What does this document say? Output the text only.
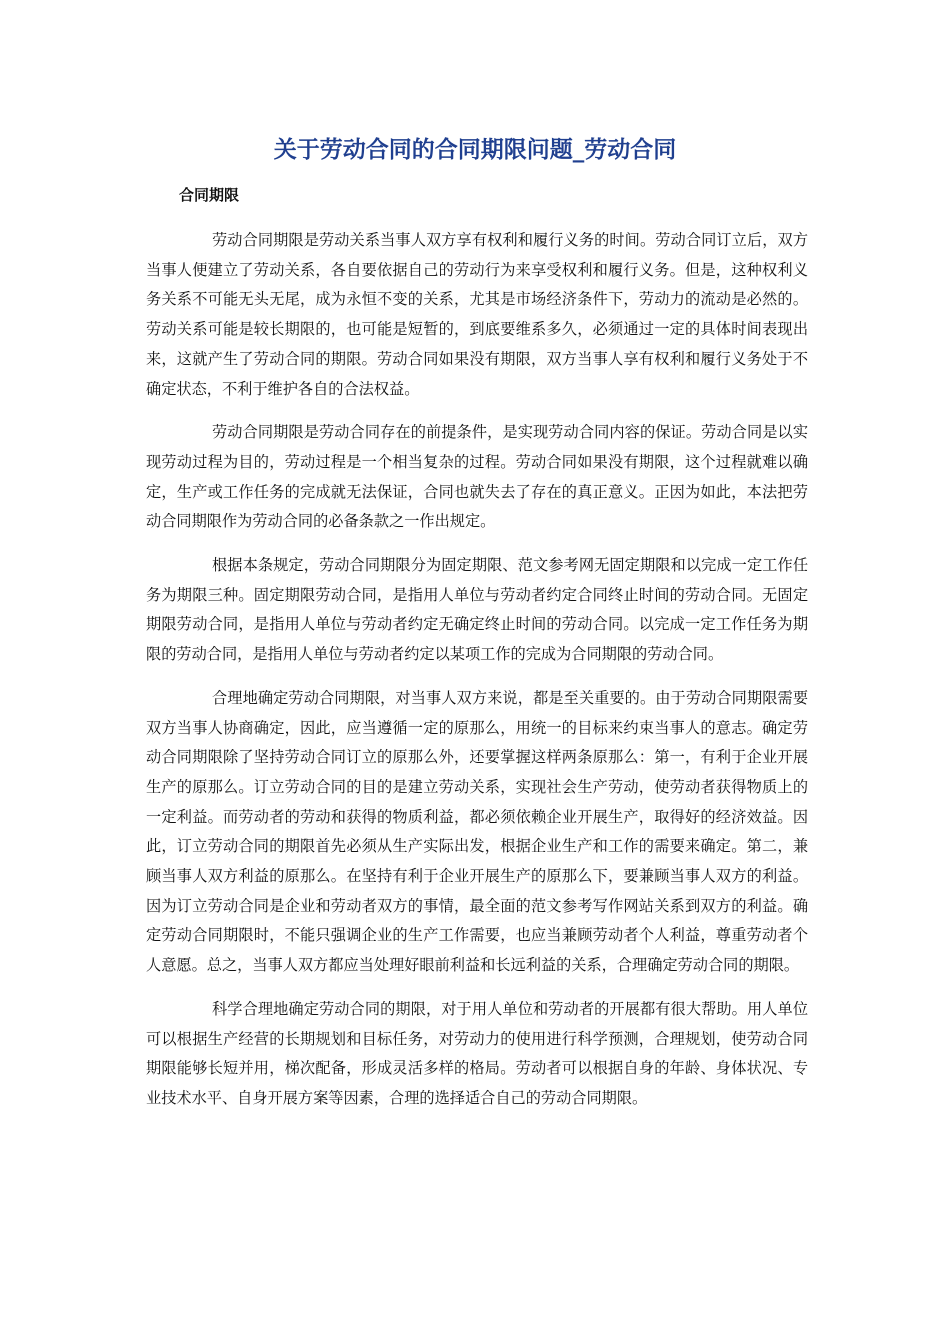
关于劳动合同的合同期限问题_劳动合同
合同期限

劳动合同期限是劳动关系当事人双方享有权利和履行义务的时间。劳动合同订立后，双方当事人便建立了劳动关系，各自要依据自己的劳动行为来享受权利和履行义务。但是，这种权利义务关系不可能无头无尾，成为永恒不变的关系，尤其是市场经济条件下，劳动力的流动是必然的。劳动关系可能是较长期限的，也可能是短暂的，到底要维系多久，必须通过一定的具体时间表现出来，这就产生了劳动合同的期限。劳动合同如果没有期限，双方当事人享有权利和履行义务处于不确定状态，不利于维护各自的合法权益。

劳动合同期限是劳动合同存在的前提条件，是实现劳动合同内容的保证。劳动合同是以实现劳动过程为目的，劳动过程是一个相当复杂的过程。劳动合同如果没有期限，这个过程就难以确定，生产或工作任务的完成就无法保证，合同也就失去了存在的真正意义。正因为如此，本法把劳动合同期限作为劳动合同的必备条款之一作出规定。

根据本条规定，劳动合同期限分为固定期限、范文参考网无固定期限和以完成一定工作任务为期限三种。固定期限劳动合同，是指用人单位与劳动者约定合同终止时间的劳动合同。无固定期限劳动合同，是指用人单位与劳动者约定无确定终止时间的劳动合同。以完成一定工作任务为期限的劳动合同，是指用人单位与劳动者约定以某项工作的完成为合同期限的劳动合同。

合理地确定劳动合同期限，对当事人双方来说，都是至关重要的。由于劳动合同期限需要双方当事人协商确定，因此，应当遵循一定的原那么，用统一的目标来约束当事人的意志。确定劳动合同期限除了坚持劳动合同订立的原那么外，还要掌握这样两条原那么：第一，有利于企业开展生产的原那么。订立劳动合同的目的是建立劳动关系，实现社会生产劳动，使劳动者获得物质上的一定利益。而劳动者的劳动和获得的物质利益，都必须依赖企业开展生产，取得好的经济效益。因此，订立劳动合同的期限首先必须从生产实际出发，根据企业生产和工作的需要来确定。第二，兼顾当事人双方利益的原那么。在坚持有利于企业开展生产的原那么下，要兼顾当事人双方的利益。因为订立劳动合同是企业和劳动者双方的事情，最全面的范文参考写作网站关系到双方的利益。确定劳动合同期限时，不能只强调企业的生产工作需要，也应当兼顾劳动者个人利益，尊重劳动者个人意愿。总之，当事人双方都应当处理好眼前利益和长远利益的关系，合理确定劳动合同的期限。

科学合理地确定劳动合同的期限，对于用人单位和劳动者的开展都有很大帮助。用人单位可以根据生产经营的长期规划和目标任务，对劳动力的使用进行科学预测，合理规划，使劳动合同期限能够长短并用，梯次配备，形成灵活多样的格局。劳动者可以根据自身的年龄、身体状况、专业技术水平、自身开展方案等因素，合理的选择适合自己的劳动合同期限。
